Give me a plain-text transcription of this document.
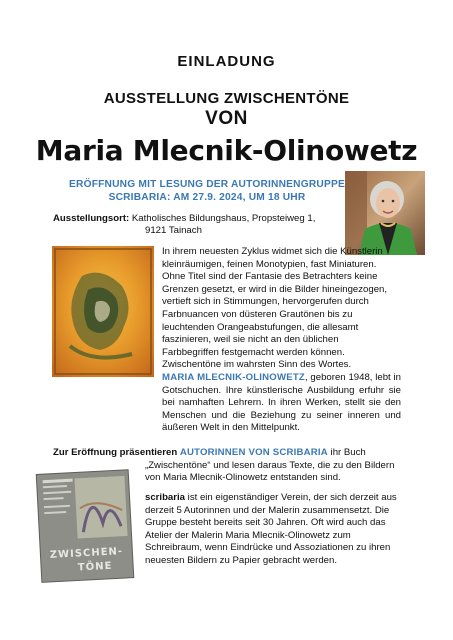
EINLADUNG
AUSSTELLUNG ZWISCHENTÖNE
VON
Maria Mlecnik-Olinowetz
ERÖFFNUNG MIT LESUNG DER AUTORINNENGRUPPE
SCRIBARIA: AM 27.9. 2024, UM 18 UHR
Ausstellungsort: Katholisches Bildungshaus, Propsteiweg 1,
9121 Tainach
In ihrem neuesten Zyklus widmet sich die Künstlerin kleinräumigen, feinen Monotypien, fast Miniaturen. Ohne Titel sind der Fantasie des Betrachters keine Grenzen gesetzt, er wird in die Bilder hineingezogen, vertieft sich in Stimmungen, hervorgerufen durch Farbnuancen von düsteren Grautönen bis zu leuchtenden Orangeabstufungen, die allesamt faszinieren, weil sie nicht an den üblichen Farbbegriffen festgemacht werden können. Zwischentöne im wahrsten Sinn des Wortes.
MARIA MLECNIK-OLINOWETZ, geboren 1948, lebt in Gotschuchen. Ihre künstlerische Ausbildung erfuhr sie bei namhaften Lehrern. In ihren Werken, stellt sie den Menschen und die Beziehung zu seiner inneren und äußeren Welt in den Mittelpunkt.
Zur Eröffnung präsentieren AUTORINNEN VON SCRIBARIA ihr Buch
„Zwischentöne“ und lesen daraus Texte, die zu den Bildern
von Maria Mlecnik-Olinowetz entstanden sind.
ZWISCHEN-
TÖNE
scribaria ist ein eigenständiger Verein, der sich derzeit aus derzeit 5 Autorinnen und der Malerin zusammensetzt. Die Gruppe besteht bereits seit 30 Jahren. Oft wird auch das Atelier der Malerin Maria Mlecnik-Olinowetz zum Schreibraum, wenn Eindrücke und Assoziationen zu ihren neuesten Bildern zu Papier gebracht werden.
